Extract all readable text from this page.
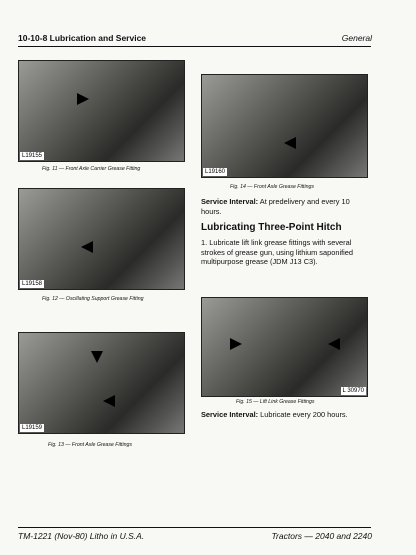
10-10-8 Lubrication and Service	General
L19155
Fig. 11 — Front Axle Carrier Grease Fitting
L19158
Fig. 12 — Oscillating Support Grease Fitting
L19159
Fig. 13 — Front Axle Grease Fittings
L19160
Fig. 14 — Front Axle Grease Fittings
Service Interval: At predelivery and every 10 hours.
Lubricating Three-Point Hitch
1. Lubricate lift link grease fittings with several strokes of grease gun, using lithium saponified multipurpose grease (JDM J13 C3).
L 30970
Fig. 15 — Lift Link Grease Fittings
Service Interval: Lubricate every 200 hours.
TM-1221 (Nov-80) Litho in U.S.A.	Tractors — 2040 and 2240
